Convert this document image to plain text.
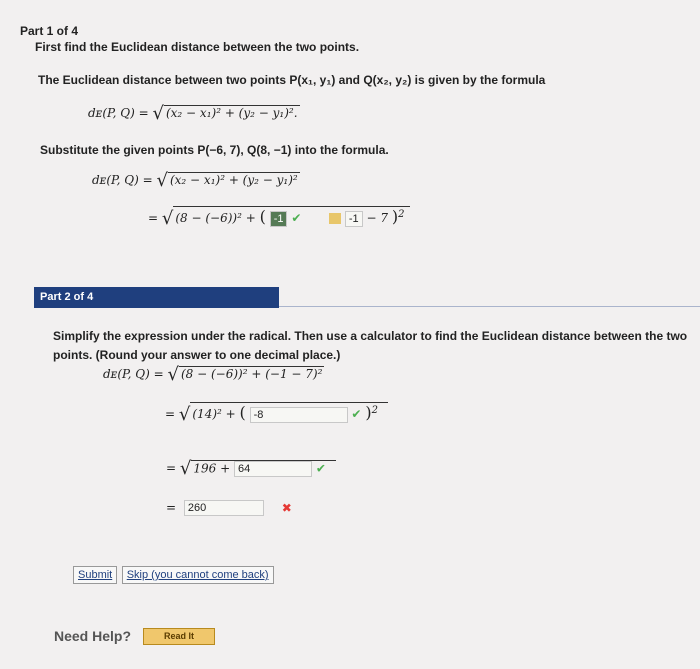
Part 1 of 4
First find the Euclidean distance between the two points.
The Euclidean distance between two points P(x₁, y₁) and Q(x₂, y₂) is given by the formula
dᴇ(P, Q) = √ (x₂ − x₁)² + (y₂ − y₁)².
Substitute the given points P(−6, 7), Q(8, −1) into the formula.
dᴇ(P, Q) = √ (x₂ − x₁)² + (y₂ − y₁)²
= √ (8 − (−6))² + ( -1 ✔	-1 − 7 )$^2$
Part 2 of 4
Simplify the expression under the radical. Then use a calculator to find the Euclidean distance between the two points. (Round your answer to one decimal place.)
dᴇ(P, Q) = √ (8 − (−6))² + (−1 − 7)²
= √ (14)² + ( -8	✔ )$^2$
= √ 196 + 64	✔
= 260	✖
Submit Skip (you cannot come back)
Need Help?	Read It
